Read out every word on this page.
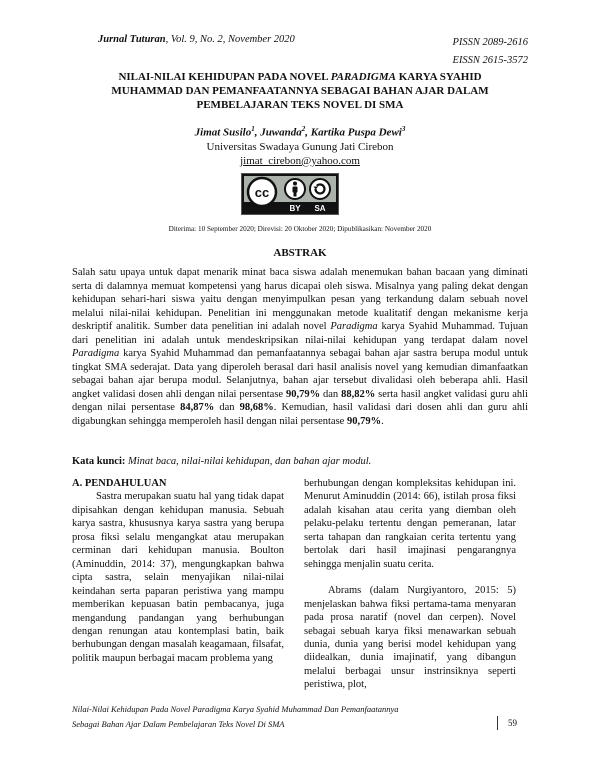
Jurnal Tuturan, Vol. 9, No. 2, November 2020	PISSN 2089-2616
EISSN 2615-3572
NILAI-NILAI KEHIDUPAN PADA NOVEL PARADIGMA KARYA SYAHID
MUHAMMAD DAN PEMANFAATANNYA SEBAGAI BAHAN AJAR DALAM
PEMBELAJARAN TEKS NOVEL DI SMA
Jimat Susilo$^1$, Juwanda$^2$, Kartika Puspa Dewi$^3$
Universitas Swadaya Gunung Jati Cirebon
jimat_cirebon@yahoo.com
cc
BY SA
Diterima: 10 September 2020; Direvisi: 20 Oktober 2020; Dipublikasikan: November 2020
ABSTRAK
Salah satu upaya untuk dapat menarik minat baca siswa adalah menemukan bahan bacaan yang diminati serta di dalamnya memuat kompetensi yang harus dicapai oleh siswa. Misalnya yang paling dekat dengan kehidupan sehari-hari siswa yaitu dengan menyimpulkan pesan yang terkandung dalam sebuah novel melalui nilai-nilai kehidupan. Penelitian ini menggunakan metode kualitatif dengan mekanisme kerja deskriptif analitik. Sumber data penelitian ini adalah novel Paradigma karya Syahid Muhammad. Tujuan dari penelitian ini adalah untuk mendeskripsikan nilai-nilai kehidupan yang terdapat dalam novel Paradigma karya Syahid Muhammad dan pemanfaatannya sebagai bahan ajar sastra berupa modul untuk tingkat SMA sederajat. Data yang diperoleh berasal dari hasil analisis novel yang kemudian dimanfaatkan sebagai bahan ajar berupa modul. Selanjutnya, bahan ajar tersebut divalidasi oleh beberapa ahli. Hasil angket validasi dosen ahli dengan nilai persentase 90,79% dan 88,82% serta hasil angket validasi guru ahli dengan nilai persentase 84,87% dan 98,68%. Kemudian, hasil validasi dari dosen ahli dan guru ahli digabungkan sehingga memperoleh hasil dengan nilai persentase 90,79%.
Kata kunci: Minat baca, nilai-nilai kehidupan, dan bahan ajar modul.

A. PENDAHULUAN

Sastra merupakan suatu hal yang tidak dapat dipisahkan dengan kehidupan manusia. Sebuah karya sastra, khususnya karya sastra yang berupa prosa fiksi selalu mengangkat atau merupakan cerminan dari kehidupan manusia. Boulton (Aminuddin, 2014: 37), mengungkapkan bahwa cipta sastra, selain menyajikan nilai-nilai keindahan serta paparan peristiwa yang mampu memberikan kepuasan batin pembacanya, juga mengandung pandangan yang berhubungan dengan renungan atau kontemplasi batin, baik berhubungan dengan masalah keagamaan, filsafat, politik maupun berbagai macam problema yang

berhubungan dengan kompleksitas kehidupan ini. Menurut Aminuddin (2014: 66), istilah prosa fiksi adalah kisahan atau cerita yang diemban oleh pelaku-pelaku tertentu dengan pemeranan, latar serta tahapan dan rangkaian cerita tertentu yang bertolak dari hasil imajinasi pengarangnya sehingga menjalin suatu cerita.

Abrams (dalam Nurgiyantoro, 2015: 5) menjelaskan bahwa fiksi pertama-tama menyaran pada prosa naratif (novel dan cerpen). Novel sebagai sebuah karya fiksi menawarkan sebuah dunia, dunia yang berisi model kehidupan yang diidealkan, dunia imajinatif, yang dibangun melalui berbagai unsur instrinsiknya seperti peristiwa, plot,

Nilai-Nilai Kehidupan Pada Novel Paradigma Karya Syahid Muhammad Dan Pemanfaatannya
Sebagai Bahan Ajar Dalam Pembelajaran Teks Novel Di SMA	59
